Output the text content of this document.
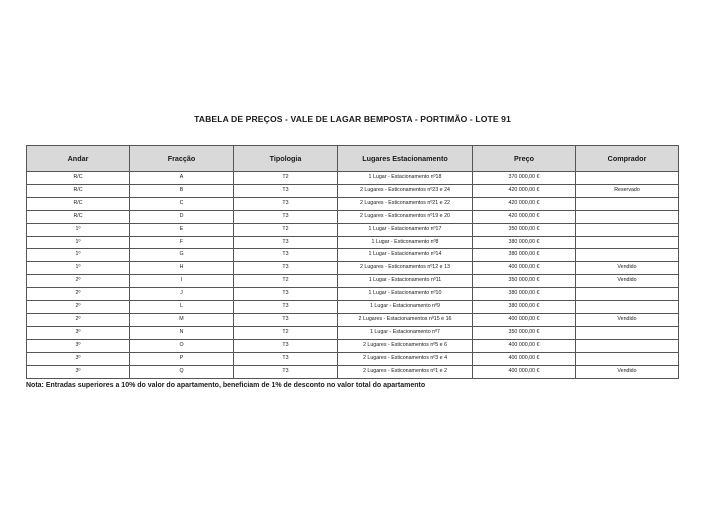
TABELA DE PREÇOS - VALE DE LAGAR BEMPOSTA - PORTIMÃO - LOTE 91
Andar	Fracção	Tipologia	Lugares Estacionamento	Preço	Comprador
R/C	A	T2	1 Lugar - Estacionamento nº18	370 000,00 €	
R/C	B	T3	2 Lugares - Esticonamentos nº23 e 24	420 000,00 €	Reservado
R/C	C	T3	2 Lugares - Esticonamentos nº21 e 22	420 000,00 €	
R/C	D	T3	2 Lugares - Esticonamentos nº19 e 20	420 000,00 €	
1º	E	T2	1 Lugar - Estacionamento nº17	350 000,00 €	
1º	F	T3	1 Lugar - Esticonamento nº8	380 000,00 €	
1º	G	T3	1 Lugar - Estacionamento nº14	380 000,00 €	
1º	H	T3	2 Lugares - Esticonamentos nº12 e 13	400 000,00 €	Vendido
2º	I	T2	1 Lugar - Estacionamento nº11	350 000,00 €	Vendido
2º	J	T3	1 Lugar - Estacionamento nº10	380 000,00 €	
2º	L	T3	1 Lugar - Estacionamento nº9	380 000,00 €	
2º	M	T3	2 Lugares - Estacionamentos nº15 e 16	400 000,00 €	Vendido
3º	N	T2	1 Lugar - Estacionamento nº7	350 000,00 €	
3º	O	T3	2 Lugares - Esticonamentos nº5 e 6	400 000,00 €	
3º	P	T3	2 Lugares - Esticonamentos nº3 e 4	400 000,00 €	
3º	Q	T3	2 Lugares - Esticonamentos nº1 e 2	400 000,00 €	Vendido
Nota: Entradas superiores a 10% do valor do apartamento, beneficiam de 1% de desconto no valor total do apartamento
